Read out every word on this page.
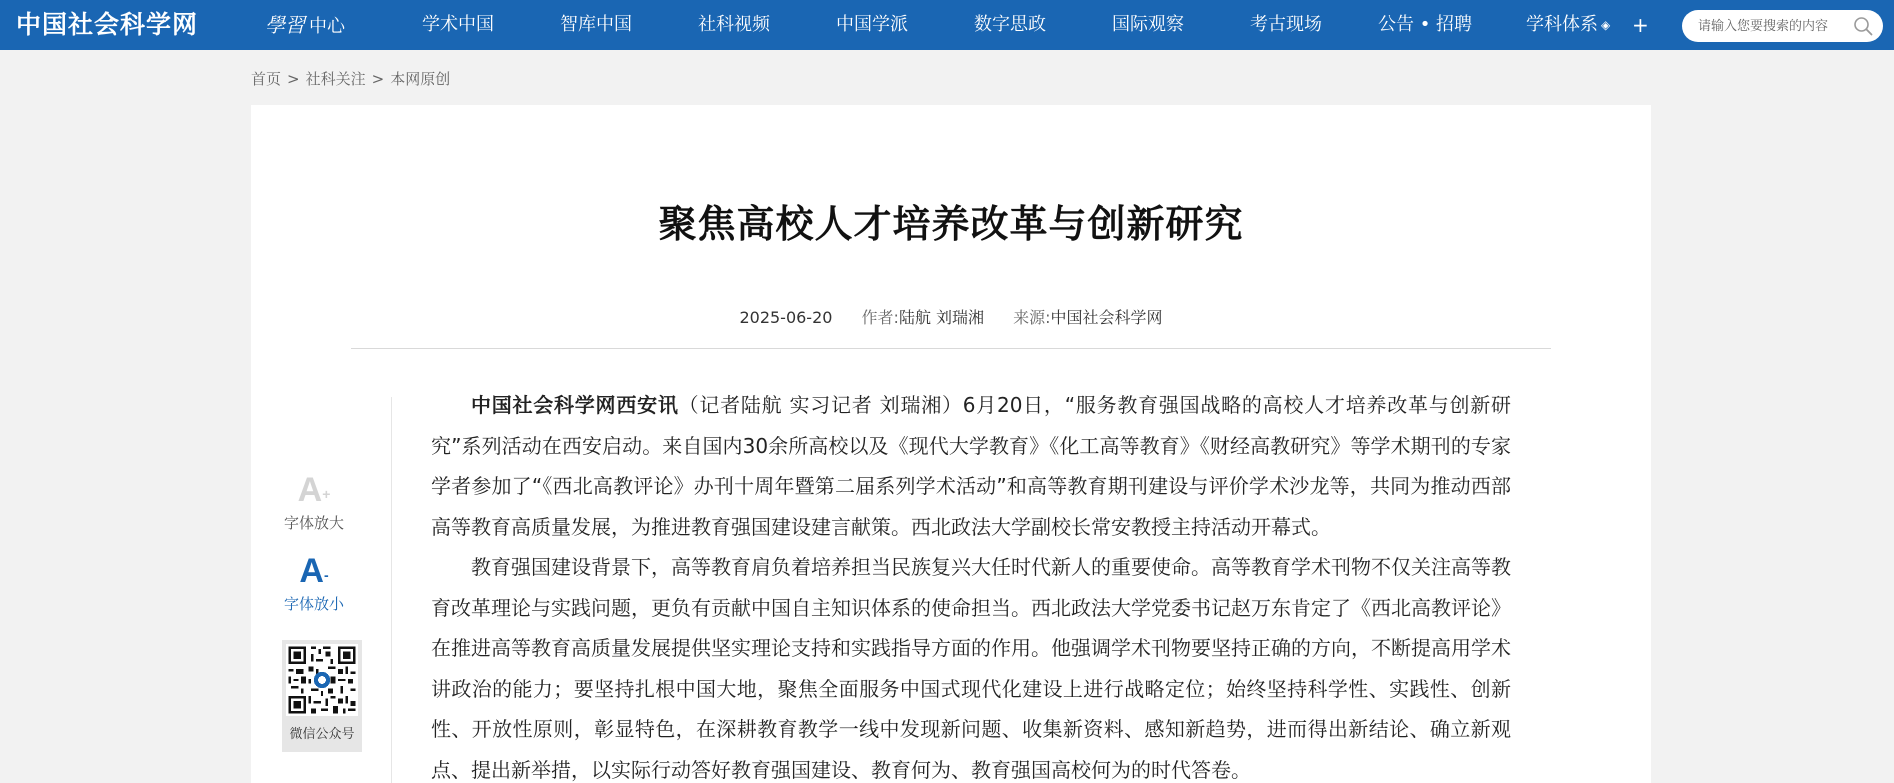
中国社会科学网	學習 中心	学术中国	智库中国	社科视频	中国学派	数字思政	国际观察	考古现场	公告 • 招聘	学科体系 ◈ +
请输入您要搜索的内容
首页 > 社科关注 > 本网原创
聚焦高校人才培养改革与创新研究
2025-06-20 作者:陆航 刘瑞湘 来源:中国社会科学网
A+
字体放大
A-
字体放小
微信公众号

中国社会科学网西安讯（记者陆航 实习记者 刘瑞湘）6月20日，“服务教育强国战略的高校人才培养改革与创新研究”系列活动在西安启动。来自国内30余所高校以及《现代大学教育》《化工高等教育》《财经高教研究》等学术期刊的专家学者参加了“《西北高教评论》办刊十周年暨第二届系列学术活动”和高等教育期刊建设与评价学术沙龙等，共同为推动西部高等教育高质量发展，为推进教育强国建设建言献策。西北政法大学副校长常安教授主持活动开幕式。

教育强国建设背景下，高等教育肩负着培养担当民族复兴大任时代新人的重要使命。高等教育学术刊物不仅关注高等教育改革理论与实践问题，更负有贡献中国自主知识体系的使命担当。西北政法大学党委书记赵万东肯定了《西北高教评论》在推进高等教育高质量发展提供坚实理论支持和实践指导方面的作用。他强调学术刊物要坚持正确的方向，不断提高用学术讲政治的能力；要坚持扎根中国大地，聚焦全面服务中国式现代化建设上进行战略定位；始终坚持科学性、实践性、创新性、开放性原则，彰显特色，在深耕教育教学一线中发现新问题、收集新资料、感知新趋势，进而得出新结论、确立新观点、提出新举措，以实际行动答好教育强国建设、教育何为、教育强国高校何为的时代答卷。
